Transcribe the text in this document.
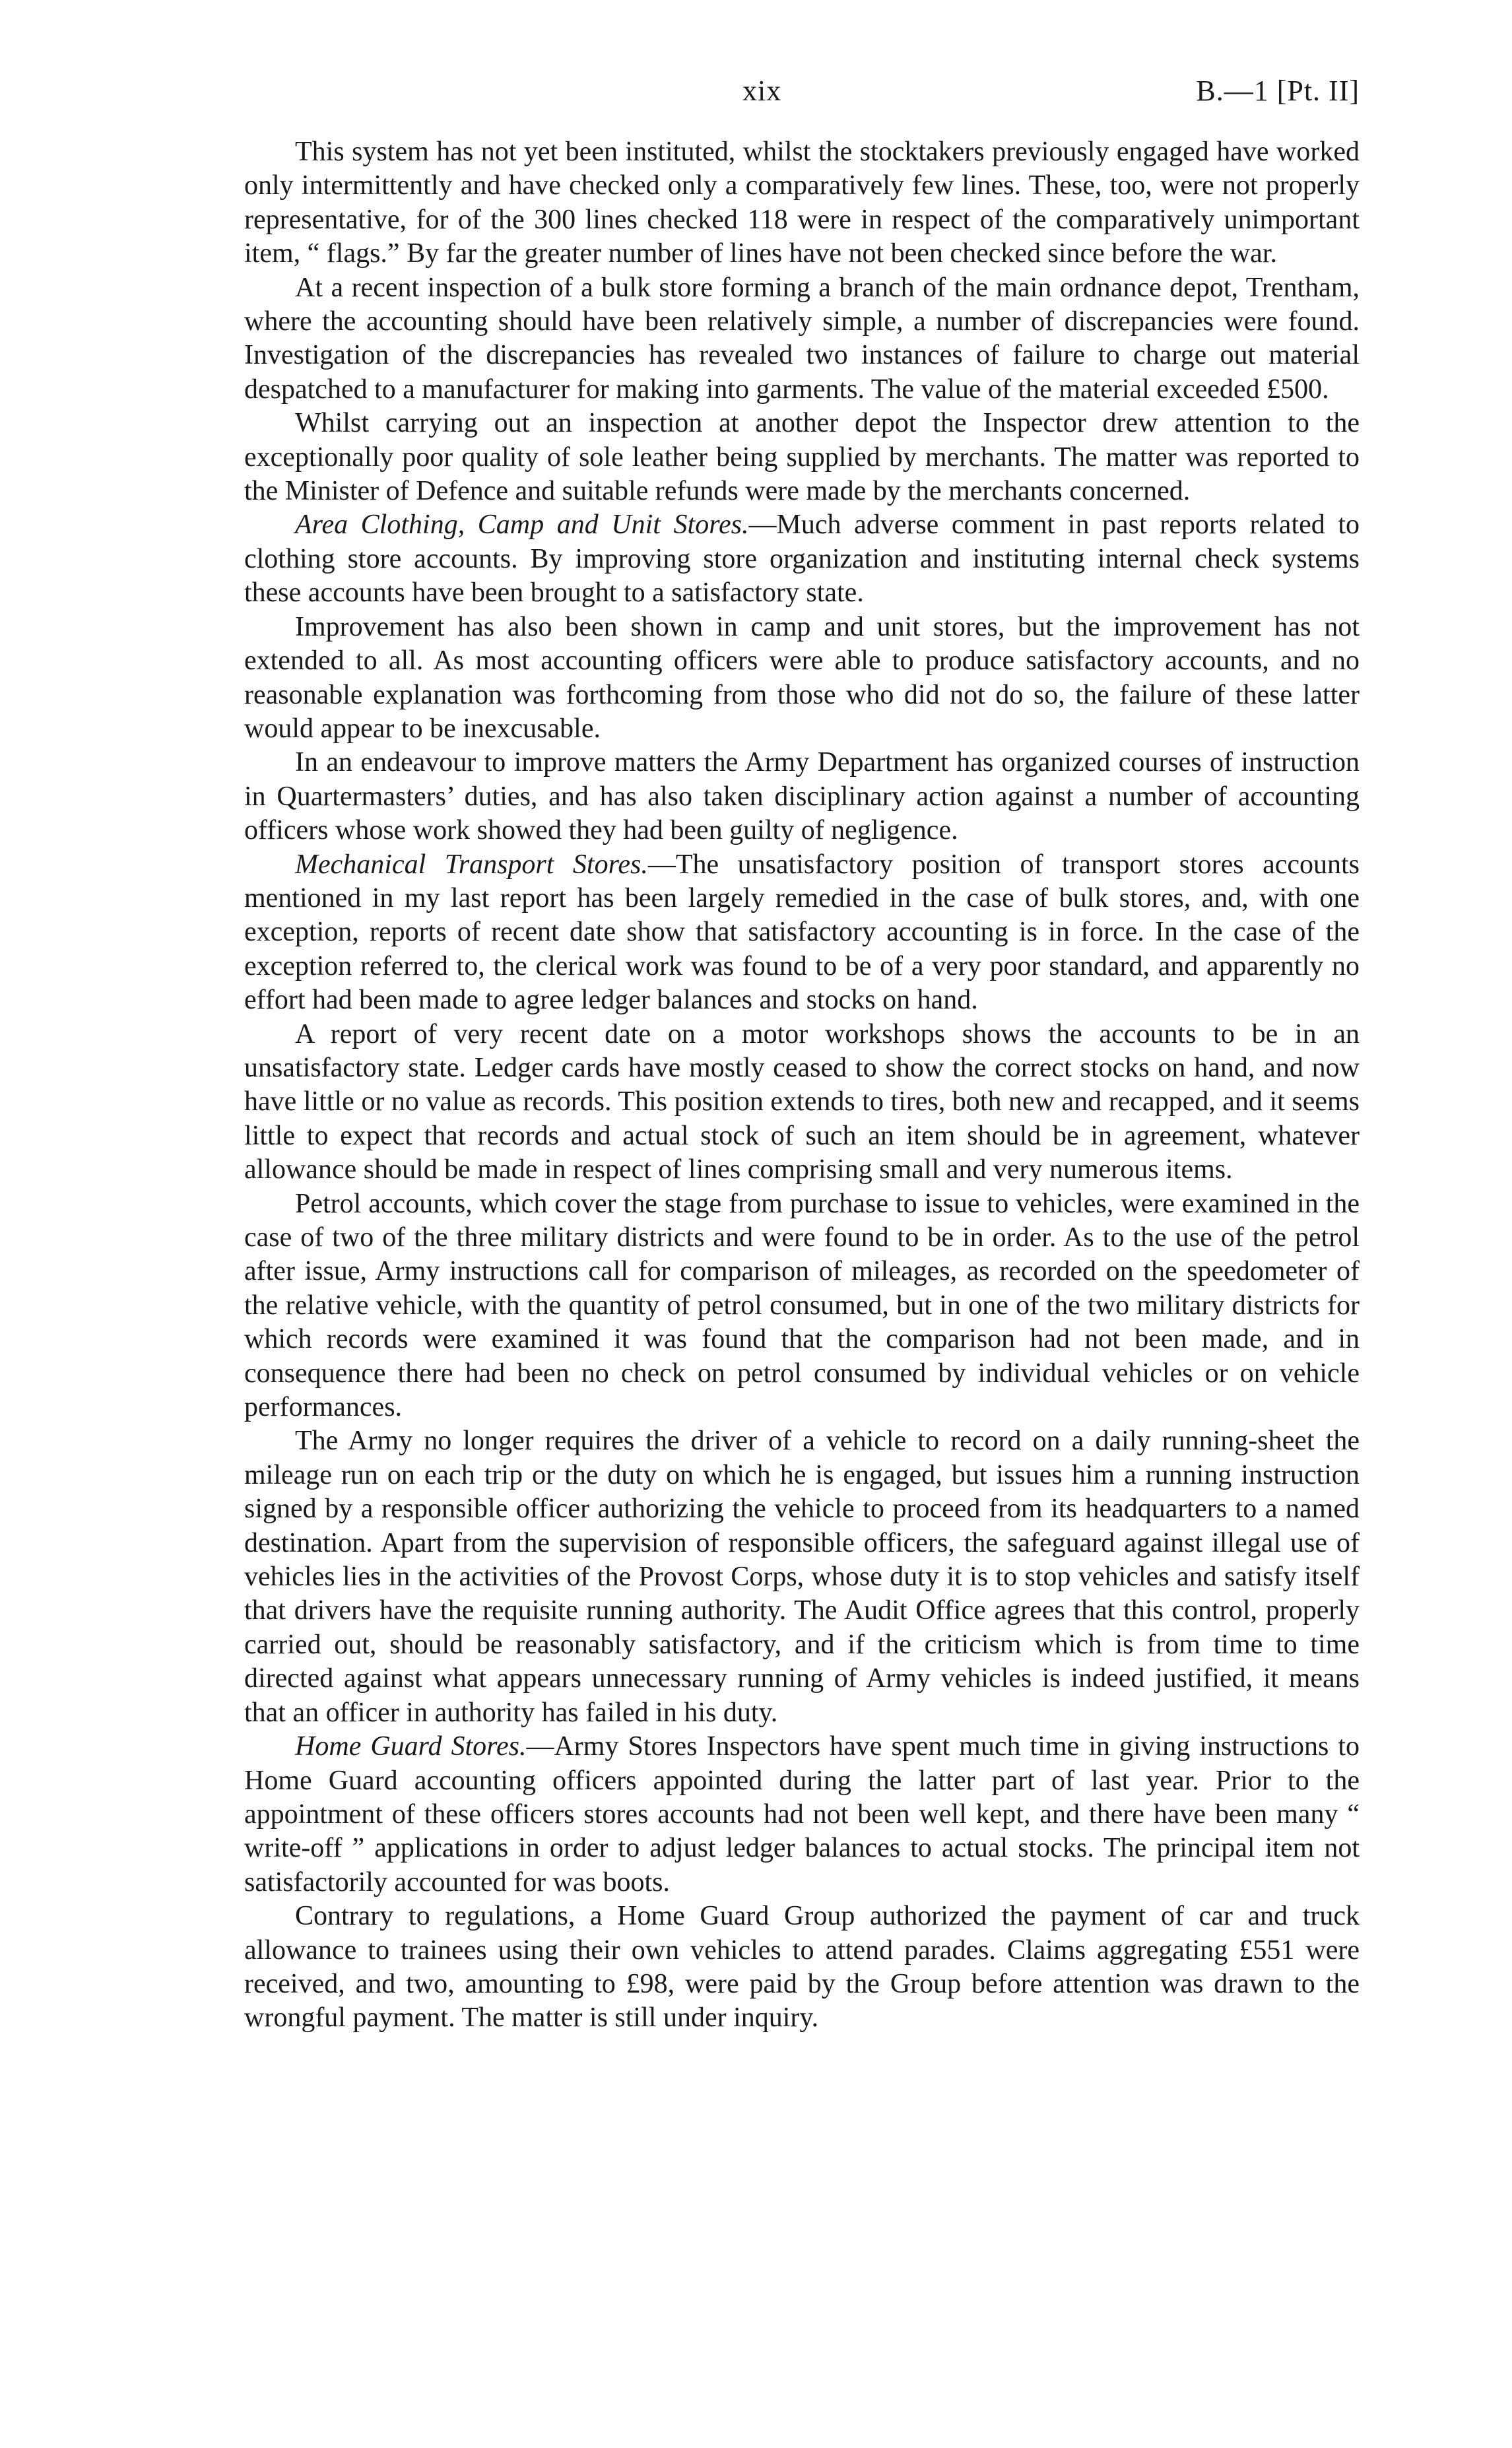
xix	B.—1 [Pt. II]

This system has not yet been instituted, whilst the stocktakers previously engaged have worked only intermittently and have checked only a comparatively few lines. These, too, were not properly representative, for of the 300 lines checked 118 were in respect of the comparatively unimportant item, “ flags.” By far the greater number of lines have not been checked since before the war.

At a recent inspection of a bulk store forming a branch of the main ordnance depot, Trentham, where the accounting should have been relatively simple, a number of discrepancies were found. Investigation of the discrepancies has revealed two instances of failure to charge out material despatched to a manufacturer for making into garments. The value of the material exceeded £500.

Whilst carrying out an inspection at another depot the Inspector drew attention to the exceptionally poor quality of sole leather being supplied by merchants. The matter was reported to the Minister of Defence and suitable refunds were made by the merchants concerned.

Area Clothing, Camp and Unit Stores.—Much adverse comment in past reports related to clothing store accounts. By improving store organization and instituting internal check systems these accounts have been brought to a satisfactory state.

Improvement has also been shown in camp and unit stores, but the improvement has not extended to all. As most accounting officers were able to produce satisfactory accounts, and no reasonable explanation was forthcoming from those who did not do so, the failure of these latter would appear to be inexcusable.

In an endeavour to improve matters the Army Department has organized courses of instruction in Quartermasters’ duties, and has also taken disciplinary action against a number of accounting officers whose work showed they had been guilty of negligence.

Mechanical Transport Stores.—The unsatisfactory position of transport stores accounts mentioned in my last report has been largely remedied in the case of bulk stores, and, with one exception, reports of recent date show that satisfactory accounting is in force. In the case of the exception referred to, the clerical work was found to be of a very poor standard, and apparently no effort had been made to agree ledger balances and stocks on hand.

A report of very recent date on a motor workshops shows the accounts to be in an unsatisfactory state. Ledger cards have mostly ceased to show the correct stocks on hand, and now have little or no value as records. This position extends to tires, both new and recapped, and it seems little to expect that records and actual stock of such an item should be in agreement, whatever allowance should be made in respect of lines comprising small and very numerous items.

Petrol accounts, which cover the stage from purchase to issue to vehicles, were examined in the case of two of the three military districts and were found to be in order. As to the use of the petrol after issue, Army instructions call for comparison of mileages, as recorded on the speedometer of the relative vehicle, with the quantity of petrol consumed, but in one of the two military districts for which records were examined it was found that the comparison had not been made, and in consequence there had been no check on petrol consumed by individual vehicles or on vehicle performances.

The Army no longer requires the driver of a vehicle to record on a daily running-sheet the mileage run on each trip or the duty on which he is engaged, but issues him a running instruction signed by a responsible officer authorizing the vehicle to proceed from its headquarters to a named destination. Apart from the supervision of responsible officers, the safeguard against illegal use of vehicles lies in the activities of the Provost Corps, whose duty it is to stop vehicles and satisfy itself that drivers have the requisite running authority. The Audit Office agrees that this control, properly carried out, should be reasonably satisfactory, and if the criticism which is from time to time directed against what appears unnecessary running of Army vehicles is indeed justified, it means that an officer in authority has failed in his duty.

Home Guard Stores.—Army Stores Inspectors have spent much time in giving instructions to Home Guard accounting officers appointed during the latter part of last year. Prior to the appointment of these officers stores accounts had not been well kept, and there have been many “ write-off ” applications in order to adjust ledger balances to actual stocks. The principal item not satisfactorily accounted for was boots.

Contrary to regulations, a Home Guard Group authorized the payment of car and truck allowance to trainees using their own vehicles to attend parades. Claims aggregating £551 were received, and two, amounting to £98, were paid by the Group before attention was drawn to the wrongful payment. The matter is still under inquiry.
